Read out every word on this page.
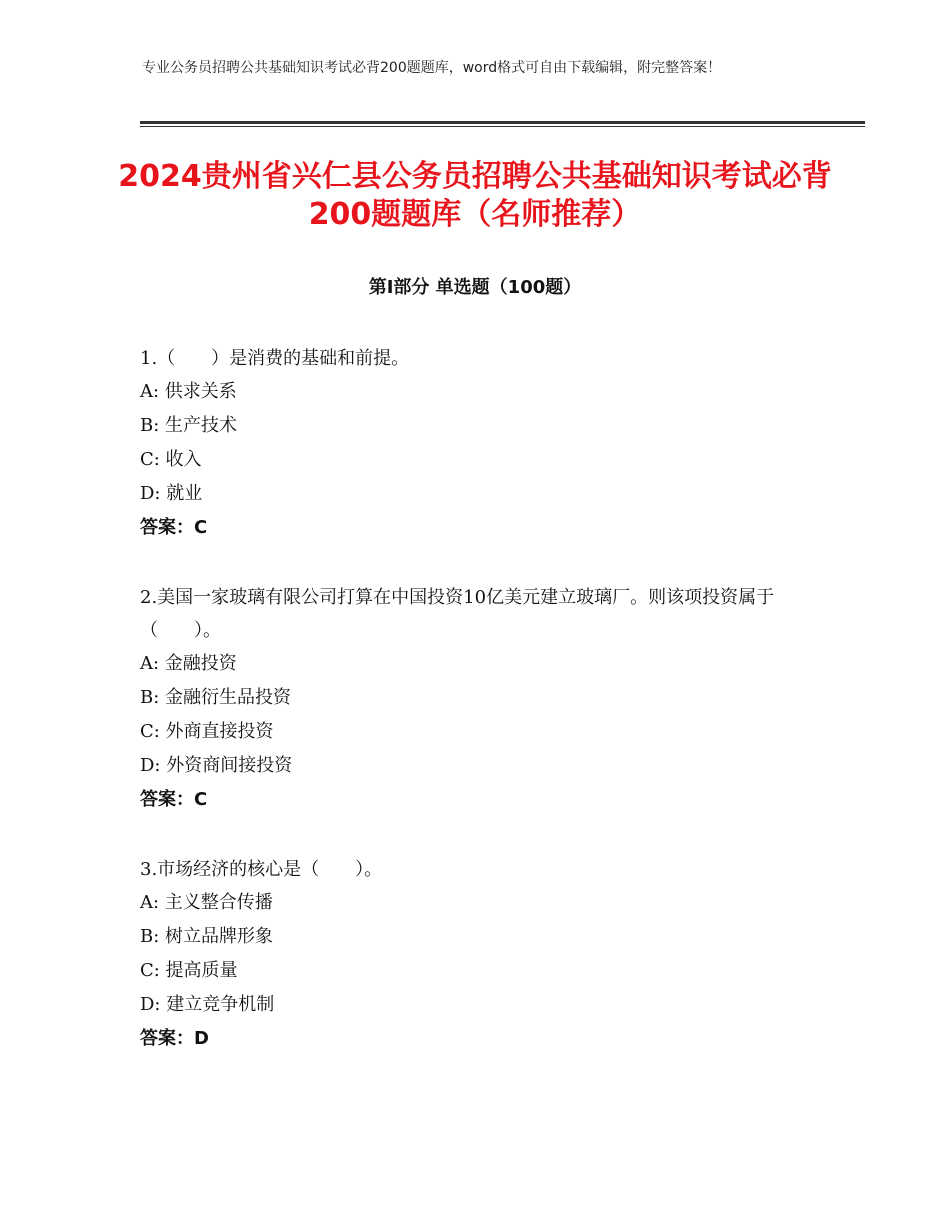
专业公务员招聘公共基础知识考试必背200题题库，word格式可自由下载编辑，附完整答案！
2024贵州省兴仁县公务员招聘公共基础知识考试必背200题题库（名师推荐）
第Ⅰ部分 单选题（100题）

1.（　　）是消费的基础和前提。

A: 供求关系

B: 生产技术

C: 收入

D: 就业

答案：C

2.美国一家玻璃有限公司打算在中国投资10亿美元建立玻璃厂。则该项投资属于（　　）。

A: 金融投资

B: 金融衍生品投资

C: 外商直接投资

D: 外资商间接投资

答案：C

3.市场经济的核心是（　　）。

A: 主义整合传播

B: 树立品牌形象

C: 提高质量

D: 建立竞争机制

答案：D
